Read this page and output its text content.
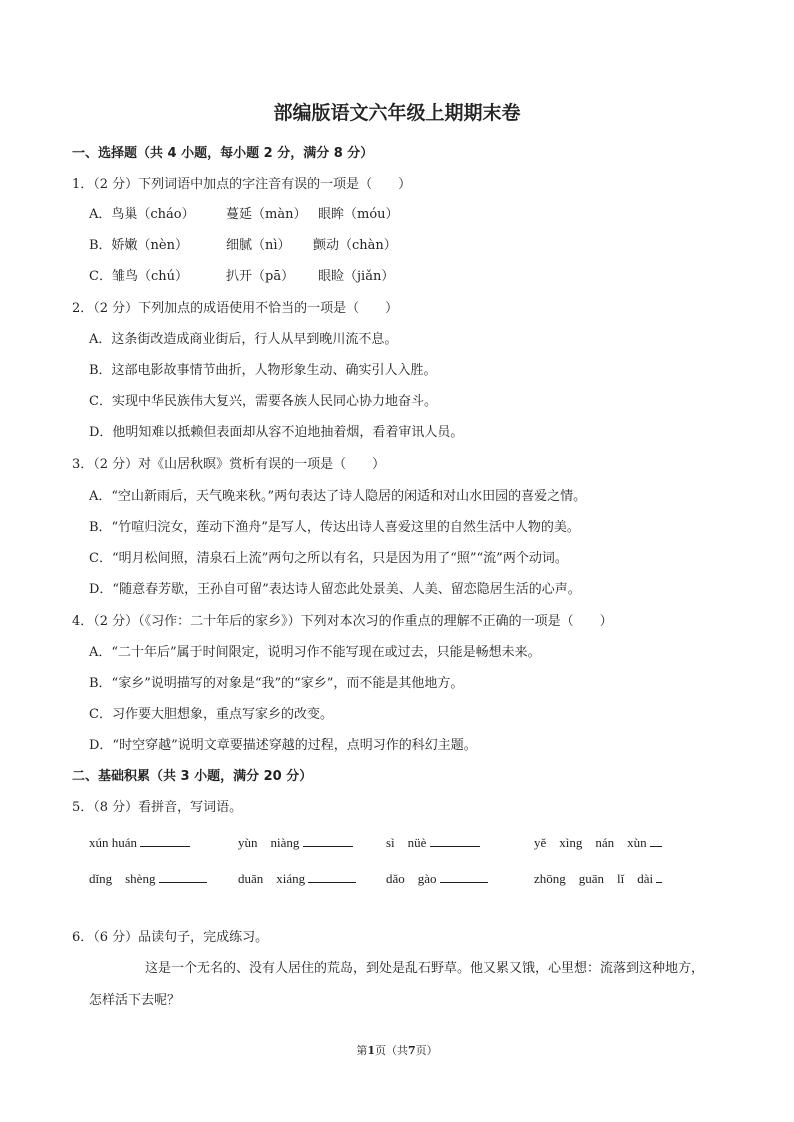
部编版语文六年级上期期末卷
一、选择题（共 4 小题，每小题 2 分，满分 8 分）
1．（2 分）下列词语中加点的字注音有误的一项是（　　）
A．鸟巢（cháo） 蔓延（màn） 眼眸（móu）
B．娇嫩（nèn）	细腻（nì） 颤动（chàn）
C．雏鸟（chú）	扒开（pā） 眼睑（jiǎn）
2．（2 分）下列加点的成语使用不恰当的一项是（　　）
A．这条街改造成商业街后，行人从早到晚川流不息。
B．这部电影故事情节曲折，人物形象生动、确实引人入胜。
C．实现中华民族伟大复兴，需要各族人民同心协力地奋斗。
D．他明知难以抵赖但表面却从容不迫地抽着烟，看着审讯人员。
3．（2 分）对《山居秋暝》赏析有误的一项是（　　）
A．“空山新雨后，天气晚来秋。”两句表达了诗人隐居的闲适和对山水田园的喜爱之情。
B．“竹喧归浣女，莲动下渔舟”是写人，传达出诗人喜爱这里的自然生活中人物的美。
C．“明月松间照，清泉石上流”两句之所以有名，只是因为用了“照”“流”两个动词。
D．“随意春芳歇，王孙自可留”表达诗人留恋此处景美、人美、留恋隐居生活的心声。
4．（2 分）（《习作：二十年后的家乡》）下列对本次习的作重点的理解不正确的一项是（　　）
A．“二十年后”属于时间限定，说明习作不能写现在或过去，只能是畅想未来。
B．“家乡”说明描写的对象是“我”的“家乡”，而不能是其他地方。
C．习作要大胆想象，重点写家乡的改变。
D．“时空穿越”说明文章要描述穿越的过程，点明习作的科幻主题。
二、基础积累（共 3 小题，满分 20 分）
5．（8 分）看拼音，写词语。
xún huán	yùn　niàng	sì　nüè	yě　xìng　nán　xùn
dǐng　shèng	duān　xiáng	dǎo　gào	zhōng　guān　lǐ　dài
6．（6 分）品读句子，完成练习。
这是一个无名的、没有人居住的荒岛，到处是乱石野草。他又累又饿，心里想：流落到这种地方，
怎样活下去呢？
第1页（共7页）
